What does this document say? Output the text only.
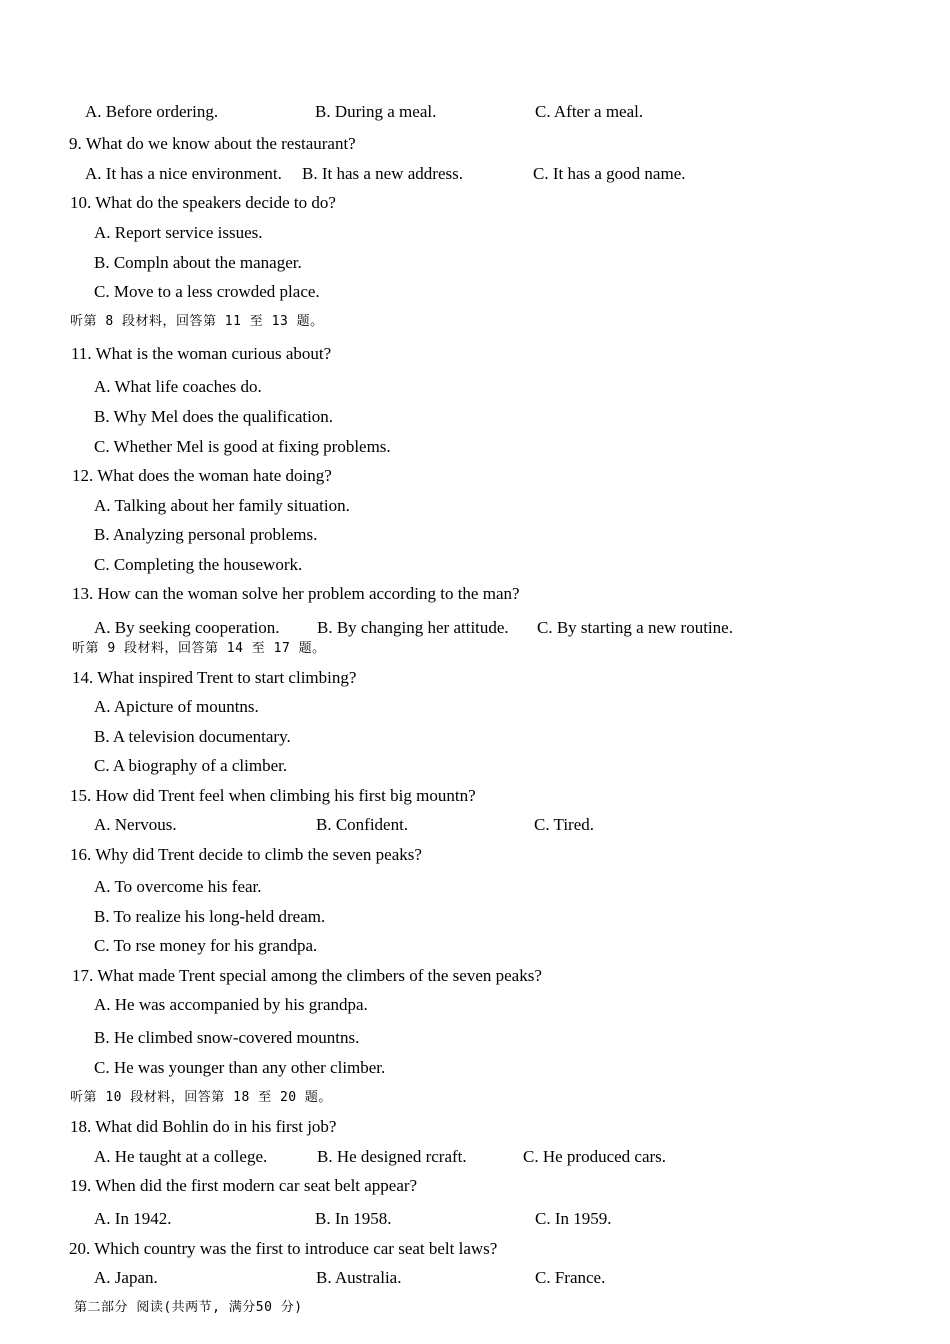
A. Before ordering.	B. During a meal.	C. After a meal.
9. What do we know about the restaurant?
A. It has a nice environment. B. It has a new address.	C. It has a good name.
10. What do the speakers decide to do?
A. Report service issues.
B. Compln about the manager.
C. Move to a less crowded place.
听第 8 段材料，回答第 11 至 13 题。
11. What is the woman curious about?
A. What life coaches do.
B. Why Mel does the qualification.
C. Whether Mel is good at fixing problems.
12. What does the woman hate doing?
A. Talking about her family situation.
B. Analyzing personal problems.
C. Completing the housework.
13. How can the woman solve her problem according to the man?
A. By seeking cooperation. B. By changing her attitude. C. By starting a new routine.
听第 9 段材料，回答第 14 至 17 题。
14. What inspired Trent to start climbing?
A. Apicture of mountns.
B. A television documentary.
C. A biography of a climber.
15. How did Trent feel when climbing his first big mountn?
A. Nervous.	B. Confident.	C. Tired.
16. Why did Trent decide to climb the seven peaks?
A. To overcome his fear.
B. To realize his long-held dream.
C. To rse money for his grandpa.
17. What made Trent special among the climbers of the seven peaks?
A. He was accompanied by his grandpa.
B. He climbed snow-covered mountns.
C. He was younger than any other climber.
听第 10 段材料，回答第 18 至 20 题。
18. What did Bohlin do in his first job?
A. He taught at a college.	B. He designed rcraft.	C. He produced cars.
19. When did the first modern car seat belt appear?
A. In 1942.	B. In 1958.	C. In 1959.
20. Which country was the first to introduce car seat belt laws?
A. Japan.	B. Australia.	C. France.
第二部分 阅读(共两节, 满分50 分)
